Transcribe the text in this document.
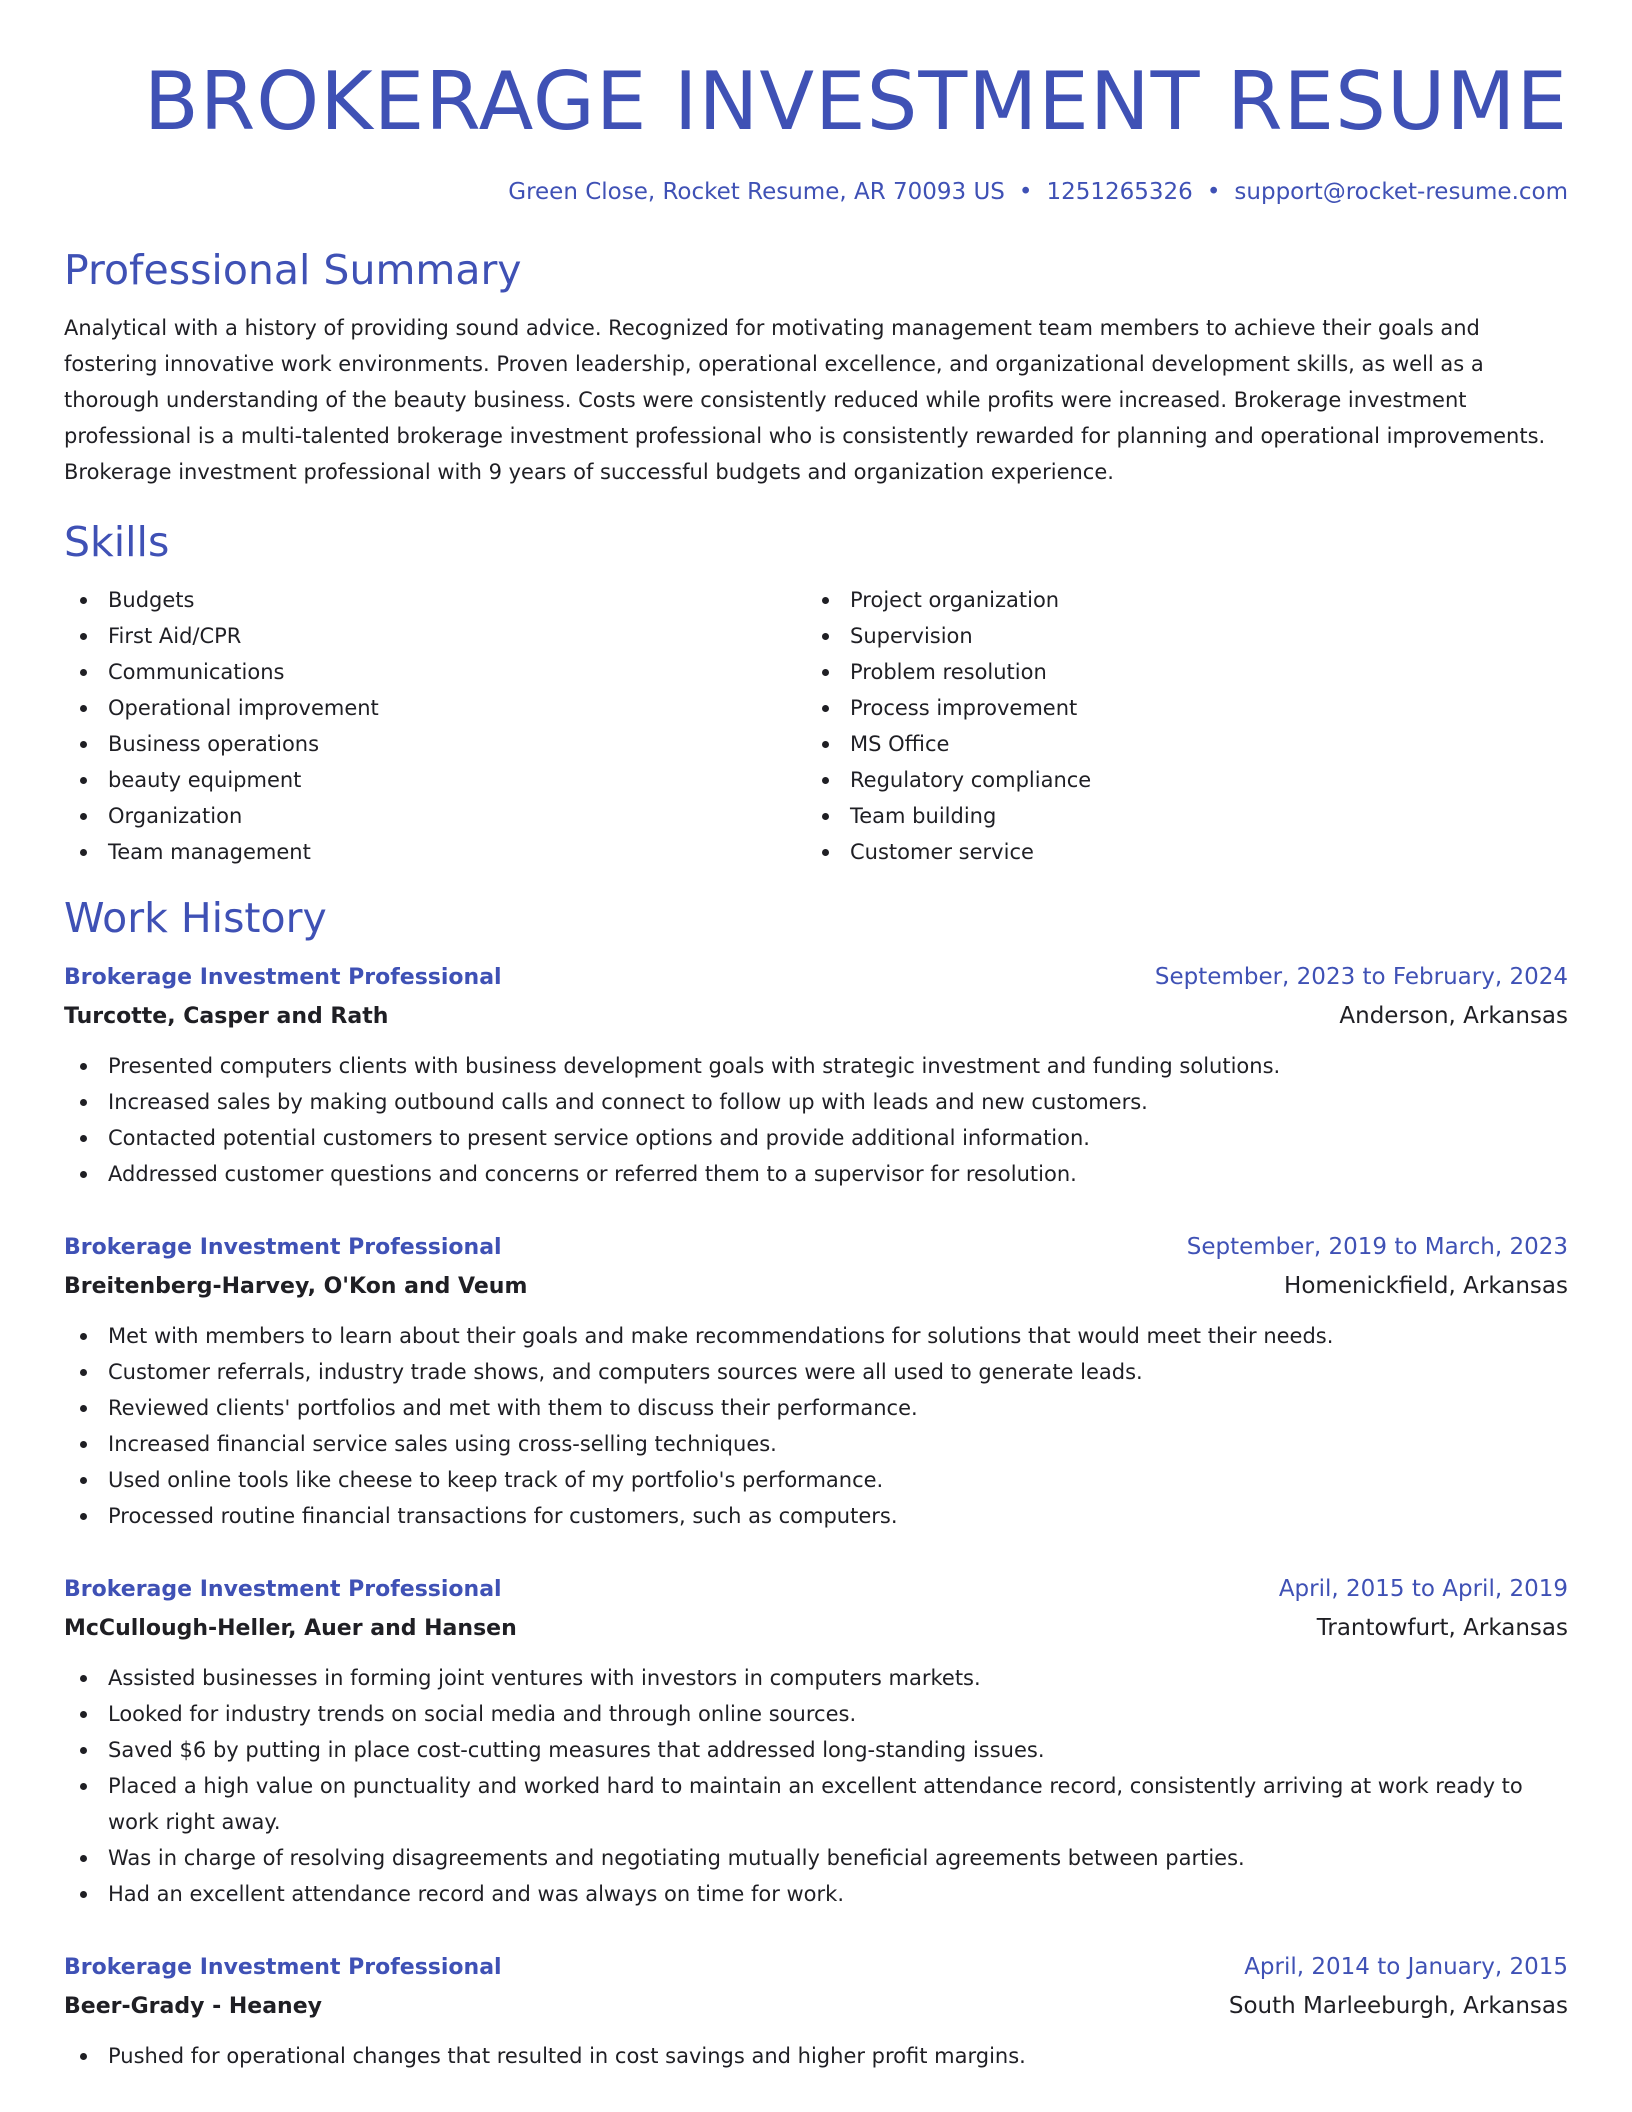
BROKERAGE INVESTMENT RESUME
Green Close, Rocket Resume, AR 70093 US • 1251265326 • support@rocket-resume.com
Professional Summary

Analytical with a history of providing sound advice. Recognized for motivating management team members to achieve their goals and fostering innovative work environments. Proven leadership, operational excellence, and organizational development skills, as well as a thorough understanding of the beauty business. Costs were consistently reduced while profits were increased. Brokerage investment professional is a multi-talented brokerage investment professional who is consistently rewarded for planning and operational improvements. Brokerage investment professional with 9 years of successful budgets and organization experience.

Skills
Budgets
First Aid/CPR
Communications
Operational improvement
Business operations
beauty equipment
Organization
Team management
Project organization
Supervision
Problem resolution
Process improvement
MS Office
Regulatory compliance
Team building
Customer service
Work History
Brokerage Investment Professional	September, 2023 to February, 2024
Turcotte, Casper and Rath	Anderson, Arkansas
Presented computers clients with business development goals with strategic investment and funding solutions.
Increased sales by making outbound calls and connect to follow up with leads and new customers.
Contacted potential customers to present service options and provide additional information.
Addressed customer questions and concerns or referred them to a supervisor for resolution.
Brokerage Investment Professional	September, 2019 to March, 2023
Breitenberg-Harvey, O'Kon and Veum	Homenickfield, Arkansas
Met with members to learn about their goals and make recommendations for solutions that would meet their needs.
Customer referrals, industry trade shows, and computers sources were all used to generate leads.
Reviewed clients' portfolios and met with them to discuss their performance.
Increased financial service sales using cross-selling techniques.
Used online tools like cheese to keep track of my portfolio's performance.
Processed routine financial transactions for customers, such as computers.
Brokerage Investment Professional	April, 2015 to April, 2019
McCullough-Heller, Auer and Hansen	Trantowfurt, Arkansas
Assisted businesses in forming joint ventures with investors in computers markets.
Looked for industry trends on social media and through online sources.
Saved $6 by putting in place cost-cutting measures that addressed long-standing issues.
Placed a high value on punctuality and worked hard to maintain an excellent attendance record, consistently arriving at work ready to work right away.
Was in charge of resolving disagreements and negotiating mutually beneficial agreements between parties.
Had an excellent attendance record and was always on time for work.
Brokerage Investment Professional	April, 2014 to January, 2015
Beer-Grady - Heaney	South Marleeburgh, Arkansas
Pushed for operational changes that resulted in cost savings and higher profit margins.
